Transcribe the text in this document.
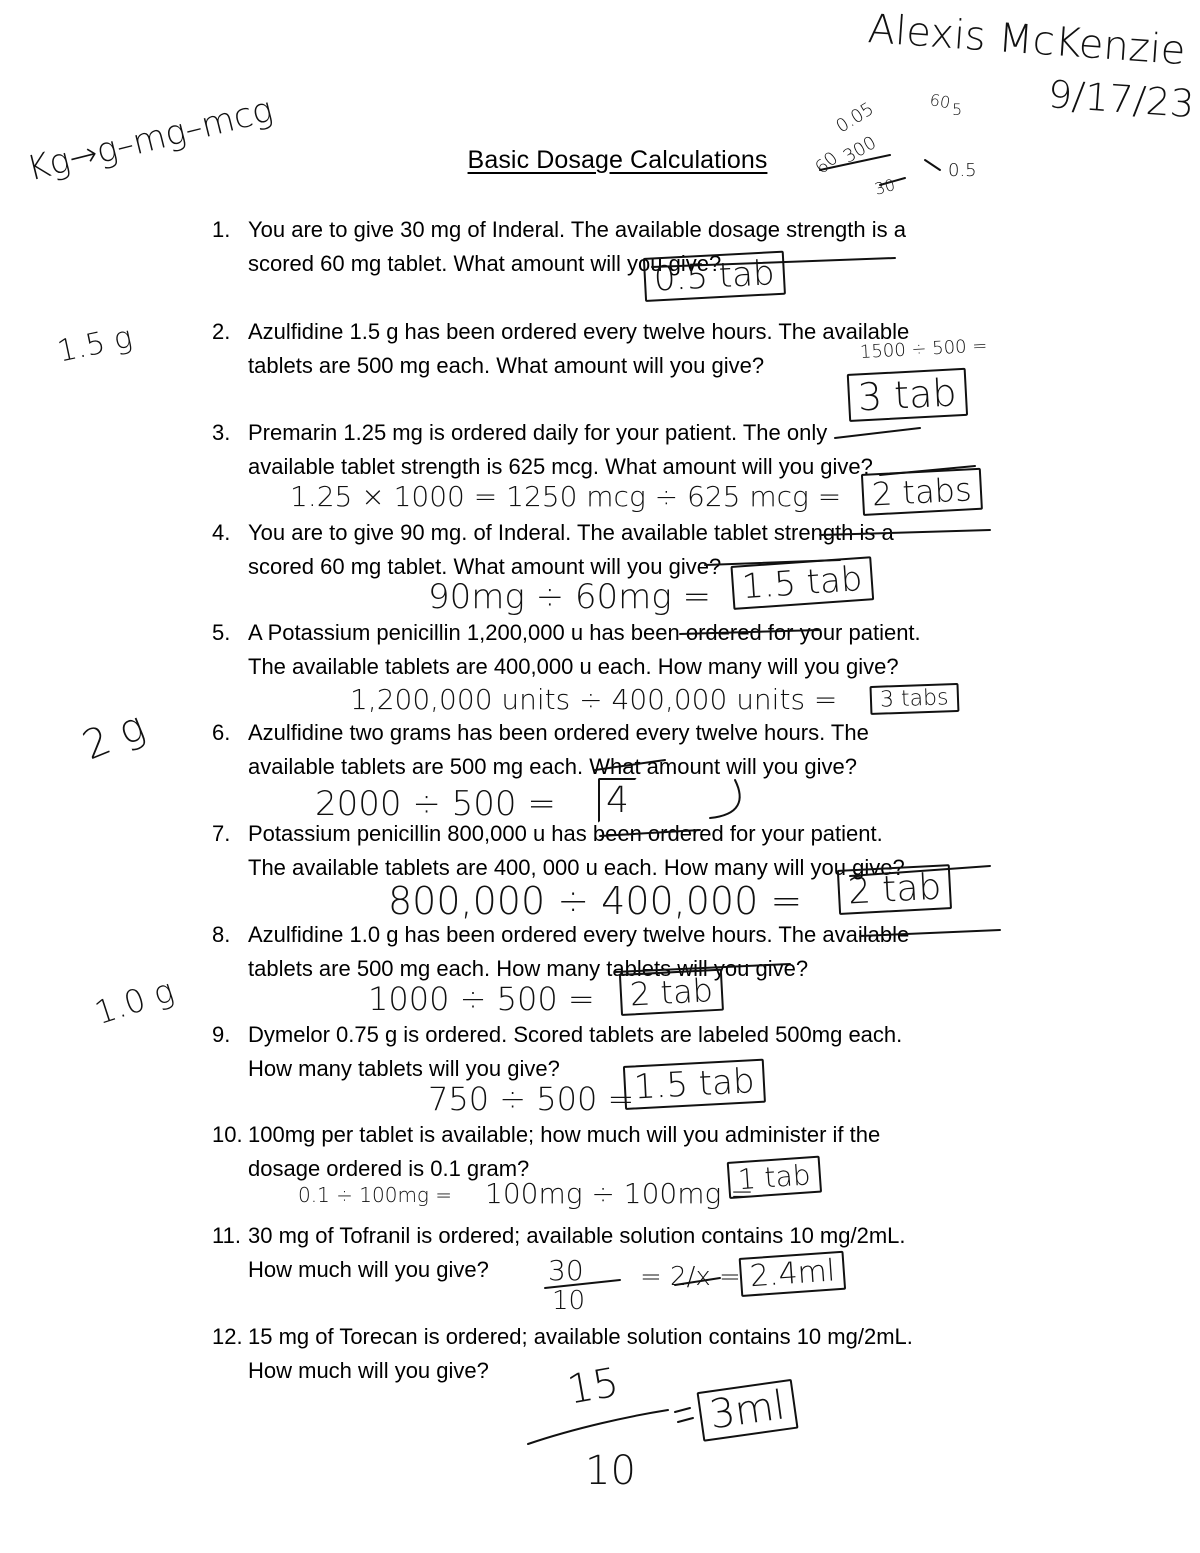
Basic Dosage Calculations
1. You are to give 30 mg of Inderal. The available dosage strength is a
scored 60 mg tablet. What amount will you give?
2. Azulfidine 1.5 g has been ordered every twelve hours. The available
tablets are 500 mg each. What amount will you give?
3. Premarin 1.25 mg is ordered daily for your patient. The only
available tablet strength is 625 mcg. What amount will you give?
4. You are to give 90 mg. of Inderal. The available tablet strength is a
scored 60 mg tablet. What amount will you give?
5. A Potassium penicillin 1,200,000 u has been ordered for your patient.
The available tablets are 400,000 u each. How many will you give?
6. Azulfidine two grams has been ordered every twelve hours. The
available tablets are 500 mg each. What amount will you give?
7. Potassium penicillin 800,000 u has been ordered for your patient.
The available tablets are 400, 000 u each. How many will you give?
8. Azulfidine 1.0 g has been ordered every twelve hours. The available
tablets are 500 mg each. How many tablets will you give?
9. Dymelor 0.75 g is ordered. Scored tablets are labeled 500mg each.
How many tablets will you give?
10. 100mg per tablet is available; how much will you administer if the
dosage ordered is 0.1 gram?
11. 30 mg of Tofranil is ordered; available solution contains 10 mg/2mL.
How much will you give?
12. 15 mg of Torecan is ordered; available solution contains 10 mg/2mL.
How much will you give?
Alexis McKenzie
9/17/23
Kg→g–mg–mcg	0.05
60
300
30
60 5
0.5
0.5 tab
1.5 g	1500 ÷ 500 =
3 tab
1.25 × 1000 = 1250 mcg ÷ 625 mcg = 2 tabs
90mg ÷ 60mg = 1.5 tab
1,200,000 units ÷ 400,000 units =	3 tabs
2 g
2000 ÷ 500 = 4
800,000 ÷ 400,000 = 2 tab
1.0 g	1000 ÷ 500 =	2 tab
750 ÷ 500 =
1.5 tab
0.1 ÷ 100mg = 100mg ÷ 100mg =
1 tab
30
10
= 2/x = 2.4ml
15
10
3ml
